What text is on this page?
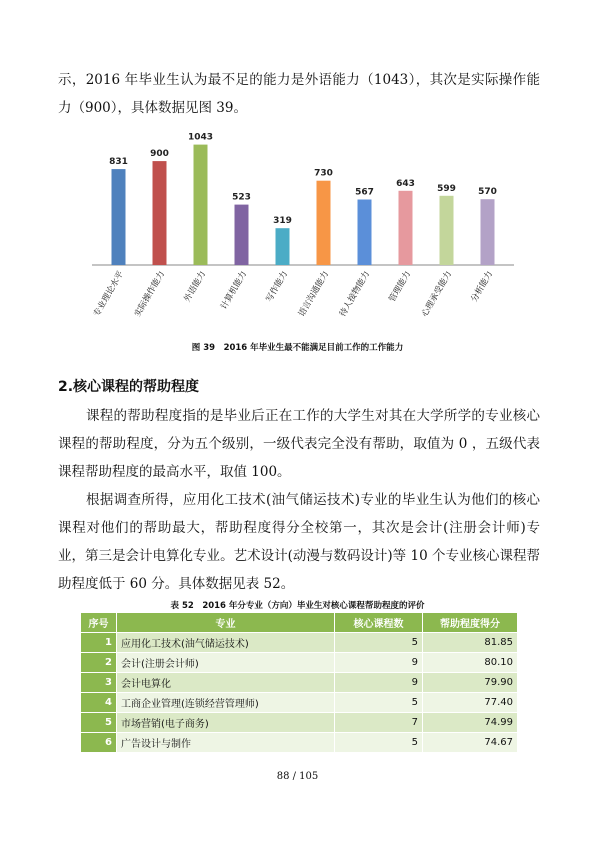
示，2016 年毕业生认为最不足的能力是外语能力（1043），其次是实际操作能力（900），具体数据见图 39。

831
专业理论水平
900
实际操作能力
1043
外语能力
523
计算机能力
319
写作能力
730
语言沟通能力
567
待人接物能力
643
管理能力
599
心理承受能力
570
分析能力
图 39　2016 年毕业生最不能满足目前工作的工作能力
2.核心课程的帮助程度

课程的帮助程度指的是毕业后正在工作的大学生对其在大学所学的专业核心课程的帮助程度，分为五个级别，一级代表完全没有帮助，取值为 0 ，五级代表课程帮助程度的最高水平，取值 100。

根据调查所得，应用化工技术(油气储运技术)专业的毕业生认为他们的核心课程对他们的帮助最大，帮助程度得分全校第一，其次是会计(注册会计师)专业，第三是会计电算化专业。艺术设计(动漫与数码设计)等 10 个专业核心课程帮助程度低于 60 分。具体数据见表 52。

表 52　2016 年分专业（方向）毕业生对核心课程帮助程度的评价
序号	专业	核心课程数	帮助程度得分
1	应用化工技术(油气储运技术)	5	81.85
2	会计(注册会计师)	9	80.10
3	会计电算化	9	79.90
4	工商企业管理(连锁经营管理师)	5	77.40
5	市场营销(电子商务)	7	74.99
6	广告设计与制作	5	74.67
88 / 105
